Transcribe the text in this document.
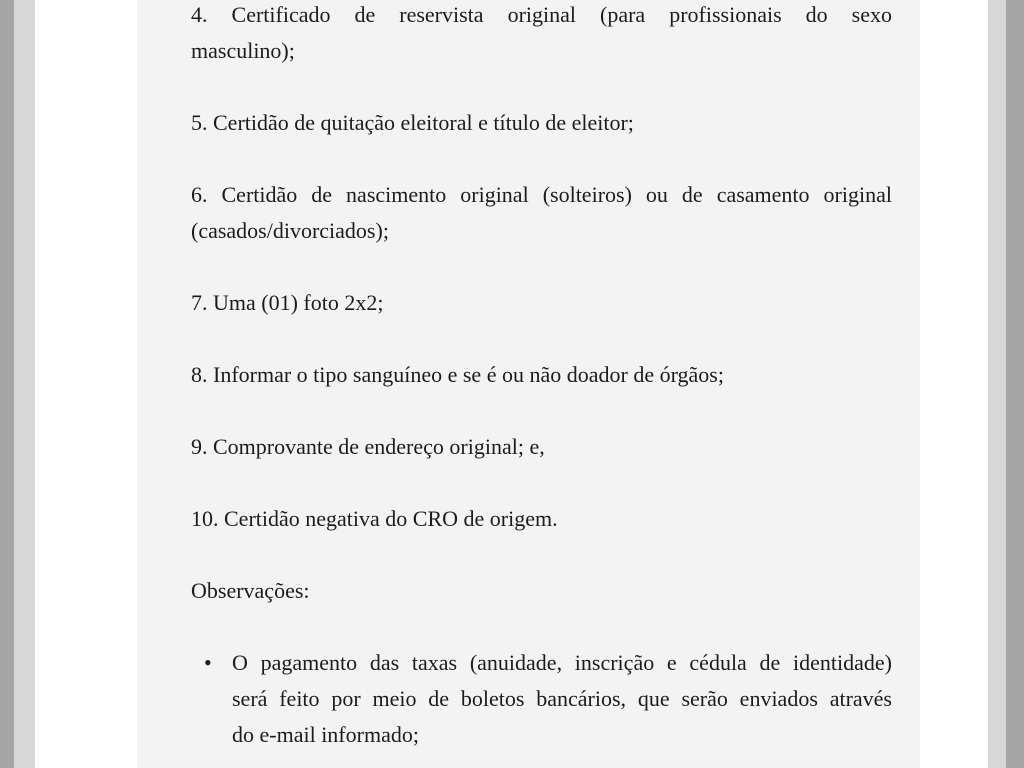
4. Certificado de reservista original (para profissionais do sexo
masculino);
5. Certidão de quitação eleitoral e título de eleitor;
6. Certidão de nascimento original (solteiros) ou de casamento original
(casados/divorciados);
7. Uma (01) foto 2x2;
8. Informar o tipo sanguíneo e se é ou não doador de órgãos;
9. Comprovante de endereço original; e,
10. Certidão negativa do CRO de origem.
Observações:
• O pagamento das taxas (anuidade, inscrição e cédula de identidade)
será feito por meio de boletos bancários, que serão enviados através
do e-mail informado;
